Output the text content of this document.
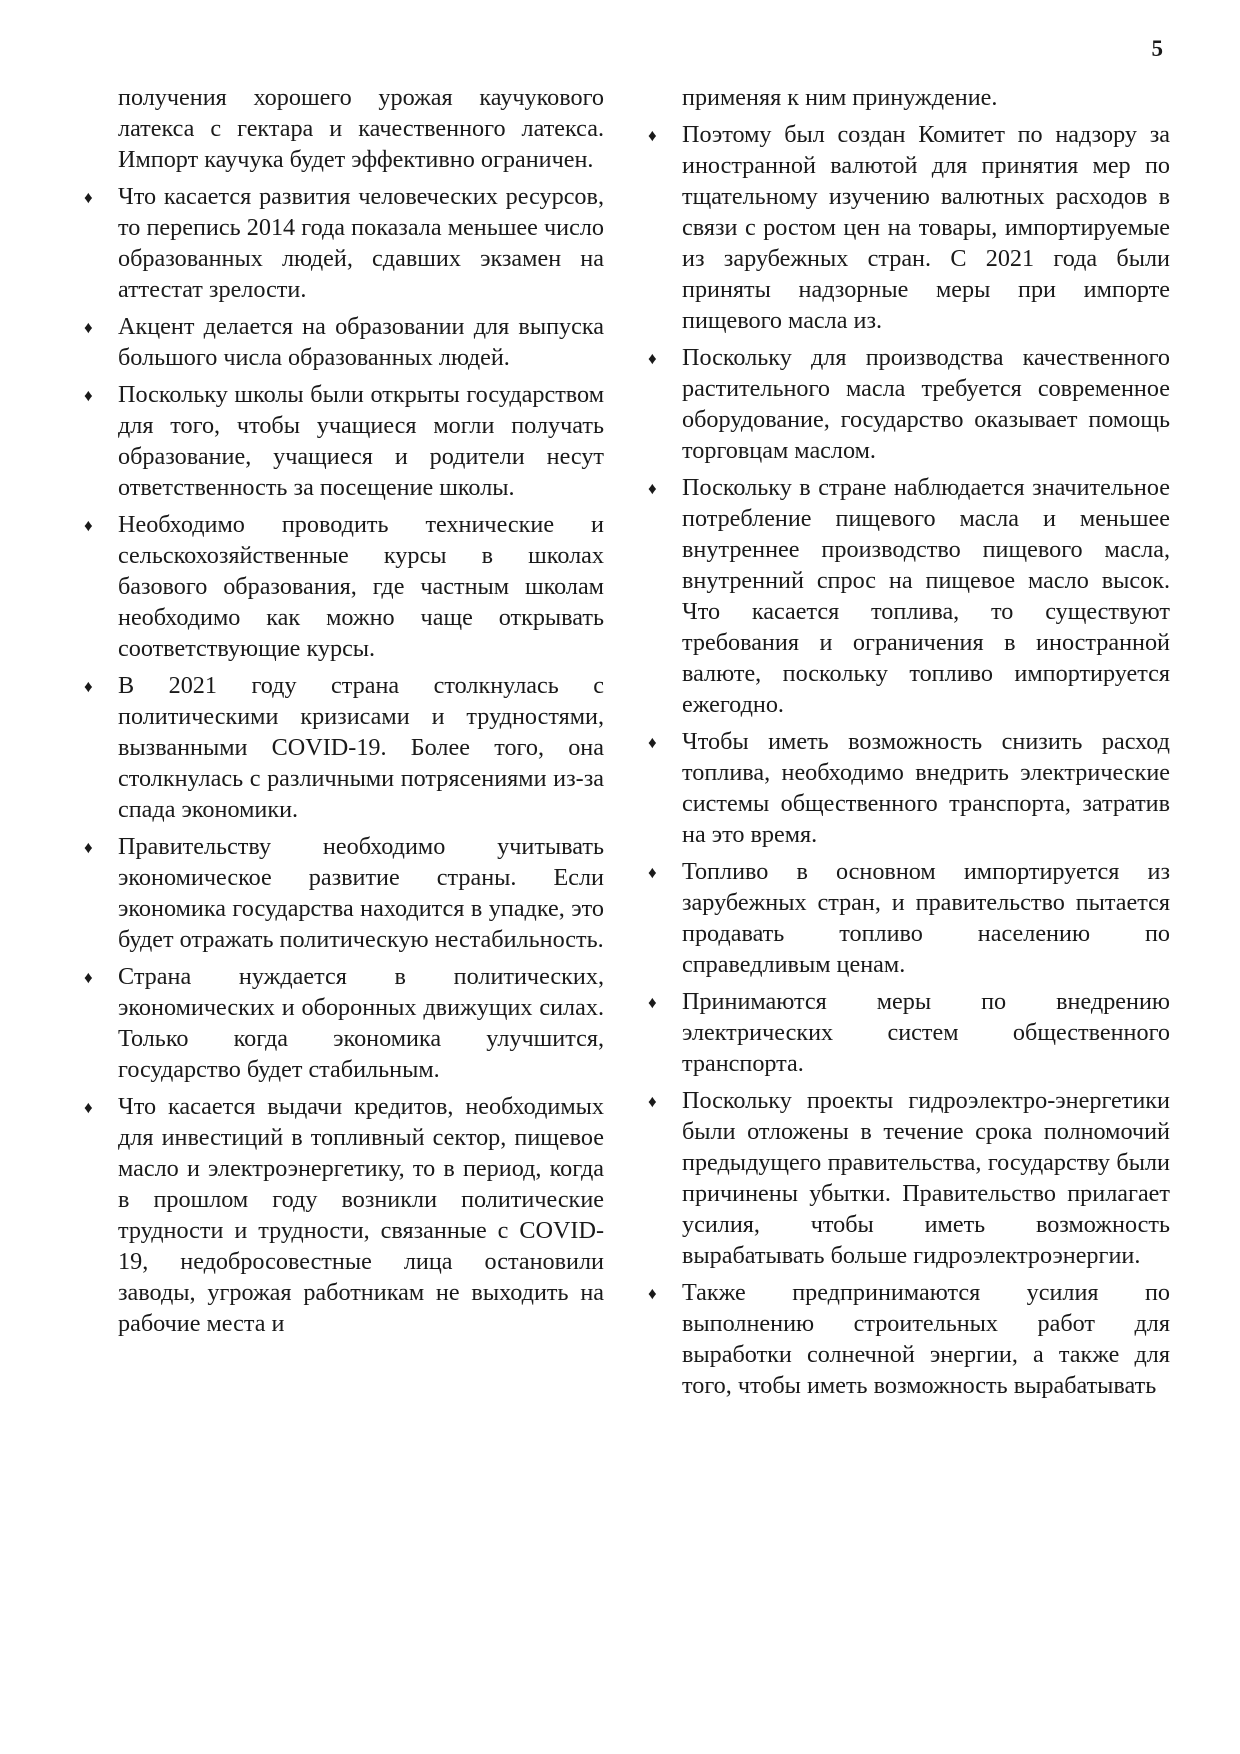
5
получения хорошего урожая каучукового латекса с гектара и качественного латекса. Импорт каучука будет эффективно ограничен.
♦ Что касается развития человеческих ресурсов, то перепись 2014 года показала меньшее число образованных людей, сдавших экзамен на аттестат зрелости.
♦ Акцент делается на образовании для выпуска большого числа образованных людей.
♦ Поскольку школы были открыты государством для того, чтобы учащиеся могли получать образование, учащиеся и родители несут ответственность за посещение школы.
♦ Необходимо проводить технические и сельскохозяйственные курсы в школах базового образования, где частным школам необходимо как можно чаще открывать соответствующие курсы.
♦ В 2021 году страна столкнулась с политическими кризисами и трудностями, вызванными COVID-19. Более того, она столкнулась с различными потрясениями из-за спада экономики.
♦ Правительству необходимо учитывать экономическое развитие страны. Если экономика государства находится в упадке, это будет отражать политическую нестабильность.
♦ Страна нуждается в политических, экономических и оборонных движущих силах. Только когда экономика улучшится, государство будет стабильным.
♦ Что касается выдачи кредитов, необходимых для инвестиций в топливный сектор, пищевое масло и электроэнергетику, то в период, когда в прошлом году возникли политические трудности и трудности, связанные с COVID-19, недобросовестные лица остановили заводы, угрожая работникам не выходить на рабочие места и
применяя к ним принуждение.
♦ Поэтому был создан Комитет по надзору за иностранной валютой для принятия мер по тщательному изучению валютных расходов в связи с ростом цен на товары, импортируемые из зарубежных стран. С 2021 года были приняты надзорные меры при импорте пищевого масла из.
♦ Поскольку для производства качественного растительного масла требуется современное оборудование, государство оказывает помощь торговцам маслом.
♦ Поскольку в стране наблюдается значительное потребление пищевого масла и меньшее внутреннее производство пищевого масла, внутренний спрос на пищевое масло высок. Что касается топлива, то существуют требования и ограничения в иностранной валюте, поскольку топливо импортируется ежегодно.
♦ Чтобы иметь возможность снизить расход топлива, необходимо внедрить электрические системы общественного транспорта, затратив на это время.
♦ Топливо в основном импортируется из зарубежных стран, и правительство пытается продавать топливо населению по справедливым ценам.
♦ Принимаются меры по внедрению электрических систем общественного транспорта.
♦ Поскольку проекты гидроэлектро-энергетики были отложены в течение срока полномочий предыдущего правительства, государству были причинены убытки. Правительство прилагает усилия, чтобы иметь возможность вырабатывать больше гидроэлектроэнергии.
♦ Также предпринимаются усилия по выполнению строительных работ для выработки солнечной энергии, а также для того, чтобы иметь возможность вырабатывать
